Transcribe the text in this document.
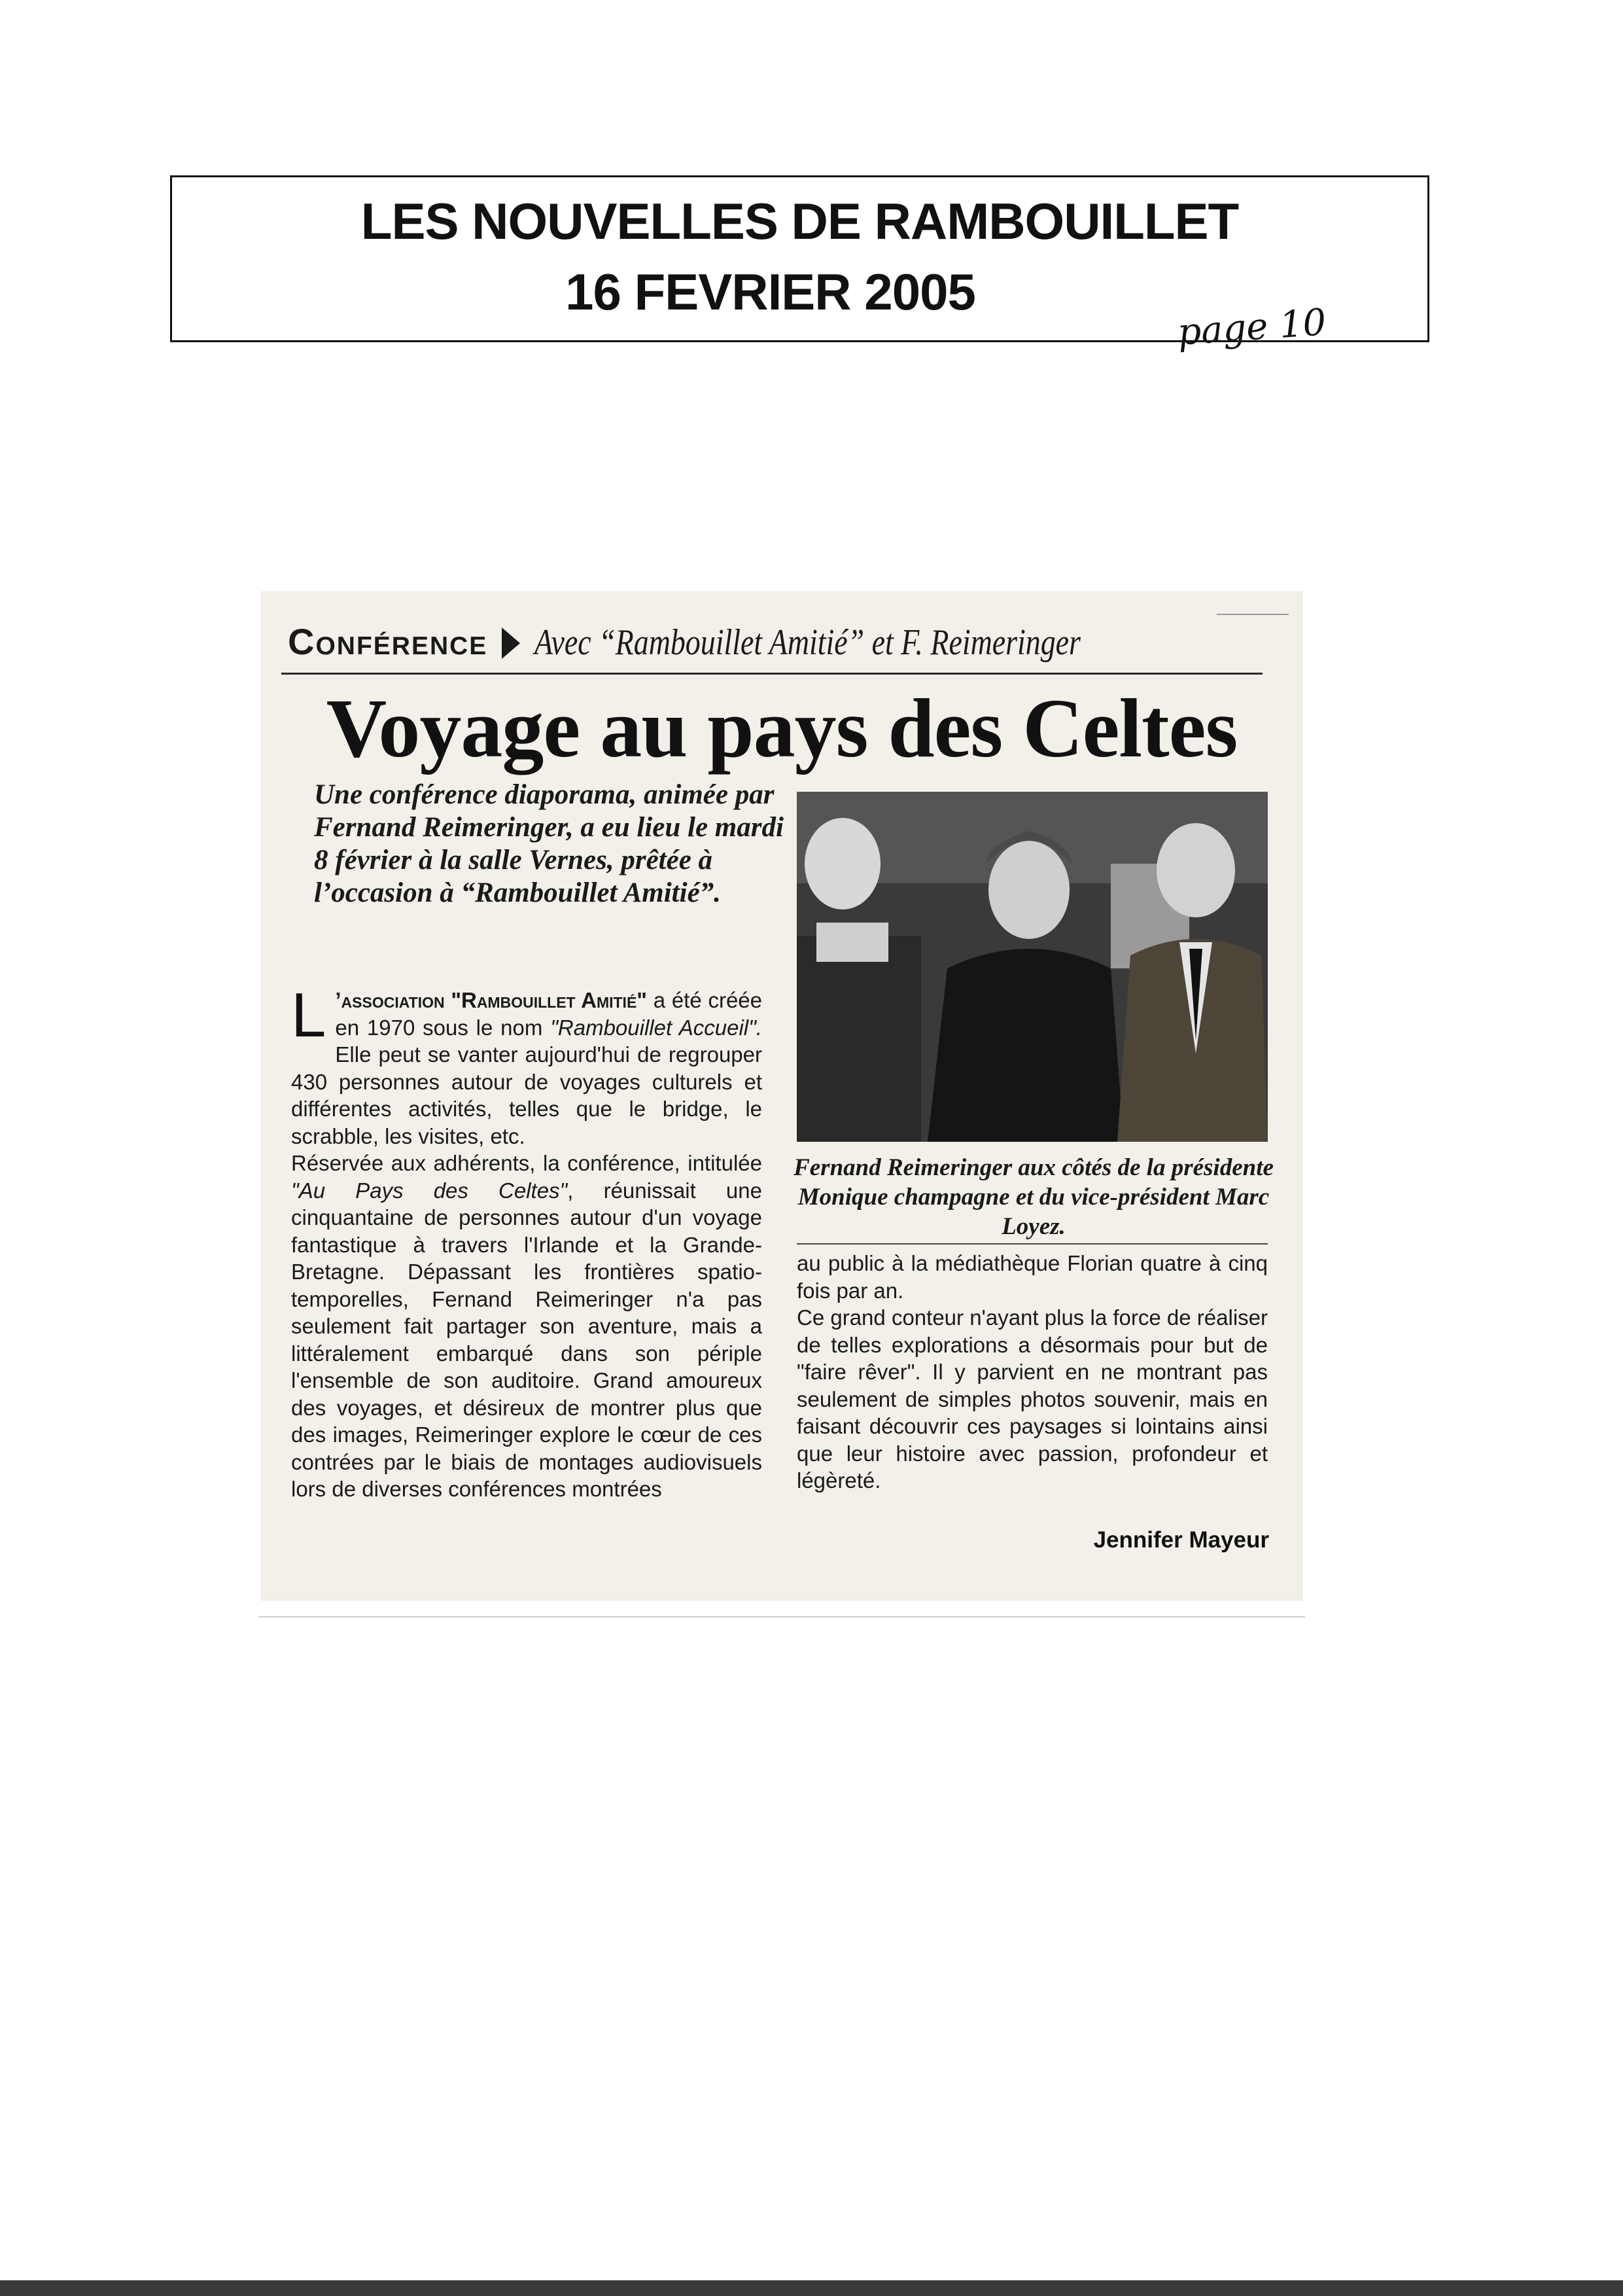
LES NOUVELLES DE RAMBOUILLET
16 FEVRIER 2005
page 10
Conférence Avec “Rambouillet Amitié” et F. Reimeringer
Voyage au pays des Celtes
Une conférence diaporama, animée par Fernand Reimeringer, a eu lieu le mardi 8 février à la salle Vernes, prêtée à l’occasion à “Rambouillet Amitié”.

L ’association "Rambouillet Amitié" a été créée en 1970 sous le nom "Rambouillet Accueil". Elle peut se vanter aujourd'hui de regrouper 430 personnes autour de voyages culturels et différentes activités, telles que le bridge, le scrabble, les visites, etc.

Réservée aux adhérents, la conférence, intitulée "Au Pays des Celtes", réunissait une cinquantaine de personnes autour d'un voyage fantastique à travers l'Irlande et la Grande-Bretagne. Dépassant les frontières spatio-temporelles, Fernand Reimeringer n'a pas seulement fait partager son aventure, mais a littéralement embarqué dans son périple l'ensemble de son auditoire. Grand amoureux des voyages, et désireux de montrer plus que des images, Reimeringer explore le cœur de ces contrées par le biais de montages audiovisuels lors de diverses conférences montrées

Fernand Reimeringer aux côtés de la présidente Monique champagne et du vice-président Marc Loyez.

au public à la médiathèque Florian quatre à cinq fois par an.

Ce grand conteur n'ayant plus la force de réaliser de telles explorations a désormais pour but de "faire rêver". Il y parvient en ne montrant pas seulement de simples photos souvenir, mais en faisant découvrir ces paysages si lointains ainsi que leur histoire avec passion, profondeur et légèreté.

Jennifer Mayeur
